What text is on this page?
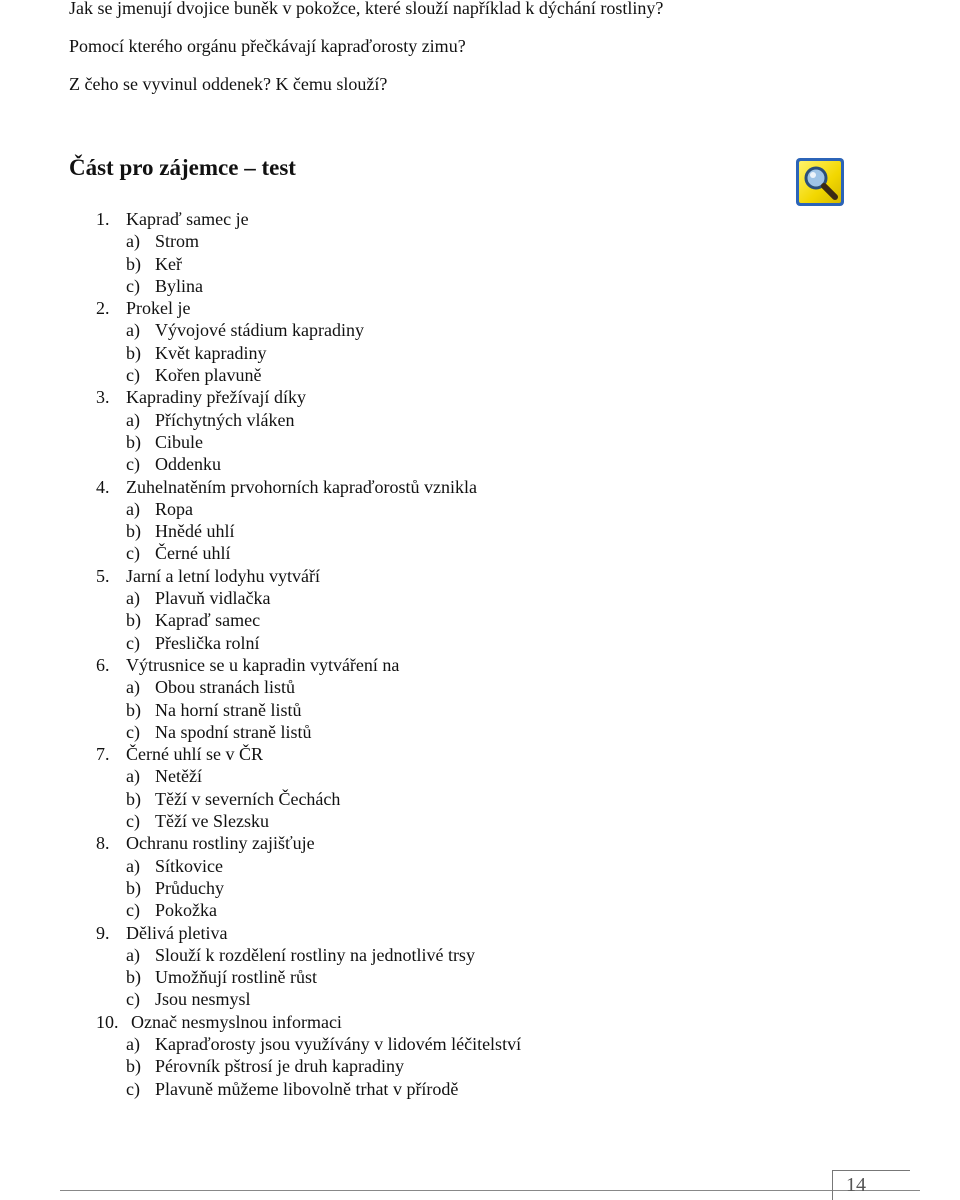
Jak se jmenují dvojice buněk v pokožce, které slouží například k dýchání rostliny?
Pomocí kterého orgánu přečkávají kapraďorosty zimu?
Z čeho se vyvinul oddenek? K čemu slouží?
Část pro zájemce – test
1. Kapraď samec je
a) Strom
b) Keř
c) Bylina
2. Prokel je
a) Vývojové stádium kapradiny
b) Květ kapradiny
c) Kořen plavuně
3. Kapradiny přežívají díky
a) Příchytných vláken
b) Cibule
c) Oddenku
4. Zuhelnatěním prvohorních kapraďorostů vznikla
a) Ropa
b) Hnědé uhlí
c) Černé uhlí
5. Jarní a letní lodyhu vytváří
a) Plavuň vidlačka
b) Kapraď samec
c) Přeslička rolní
6. Výtrusnice se u kapradin vytváření na
a) Obou stranách listů
b) Na horní straně listů
c) Na spodní straně listů
7. Černé uhlí se v ČR
a) Netěží
b) Těží v severních Čechách
c) Těží ve Slezsku
8. Ochranu rostliny zajišťuje
a) Sítkovice
b) Průduchy
c) Pokožka
9. Dělivá pletiva
a) Slouží k rozdělení rostliny na jednotlivé trsy
b) Umožňují rostlině růst
c) Jsou nesmysl
10. Označ nesmyslnou informaci
a) Kapraďorosty jsou využívány v lidovém léčitelství
b) Pérovník pštrosí je druh kapradiny
c) Plavuně můžeme libovolně trhat v přírodě
14
